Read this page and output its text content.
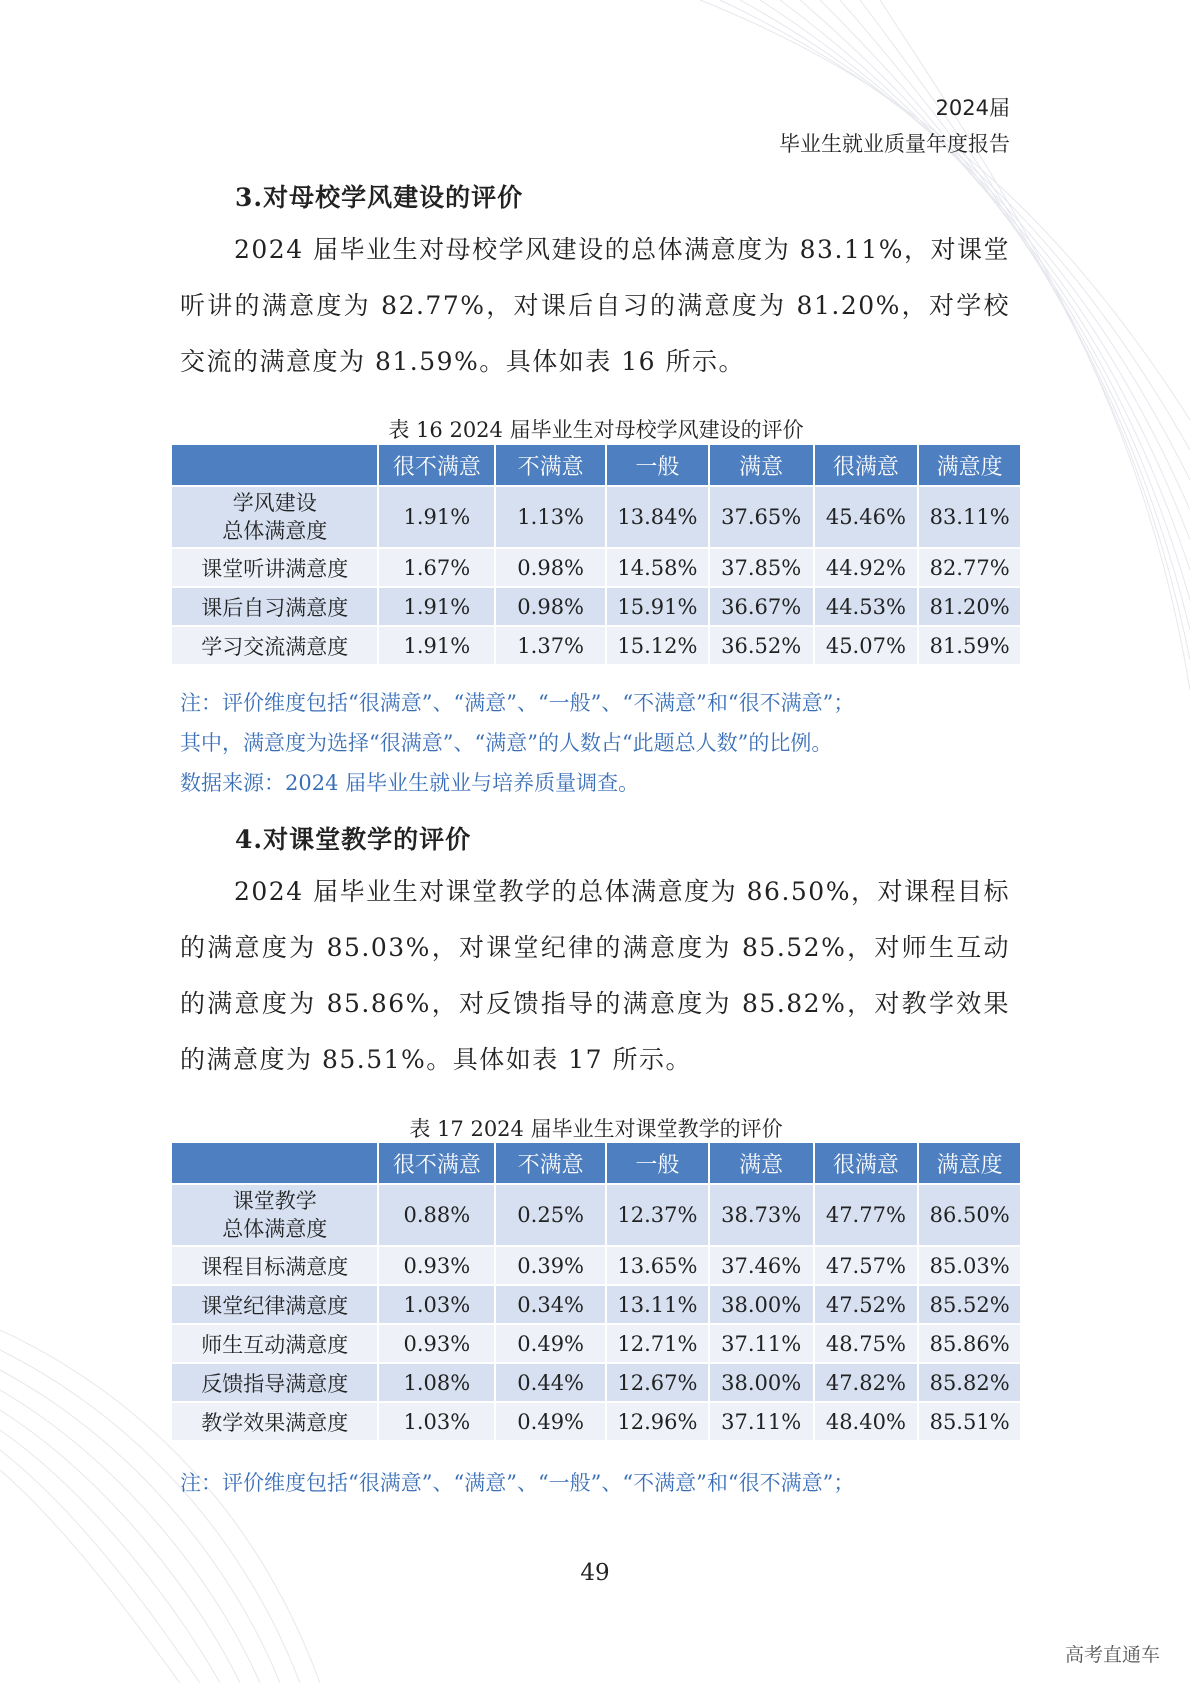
2024届
毕业生就业质量年度报告
3.对母校学风建设的评价
2024 届毕业生对母校学风建设的总体满意度为 83.11%，对课堂听讲的满意度为 82.77%，对课后自习的满意度为 81.20%，对学校交流的满意度为 81.59%。具体如表 16 所示。
表 16 2024 届毕业生对母校学风建设的评价
	很不满意	不满意	一般	满意	很满意	满意度

学风建设
总体满意度	1.91%	1.13%	13.84%	37.65%	45.46%	83.11%
课堂听讲满意度	1.67%	0.98%	14.58%	37.85%	44.92%	82.77%
课后自习满意度	1.91%	0.98%	15.91%	36.67%	44.53%	81.20%
学习交流满意度	1.91%	1.37%	15.12%	36.52%	45.07%	81.59%
注：评价维度包括“很满意”、“满意”、“一般”、“不满意”和“很不满意”；
其中，满意度为选择“很满意”、“满意”的人数占“此题总人数”的比例。
数据来源：2024 届毕业生就业与培养质量调查。
4.对课堂教学的评价
2024 届毕业生对课堂教学的总体满意度为 86.50%，对课程目标的满意度为 85.03%，对课堂纪律的满意度为 85.52%，对师生互动的满意度为 85.86%，对反馈指导的满意度为 85.82%，对教学效果的满意度为 85.51%。具体如表 17 所示。
表 17 2024 届毕业生对课堂教学的评价
	很不满意	不满意	一般	满意	很满意	满意度

课堂教学
总体满意度	0.88%	0.25%	12.37%	38.73%	47.77%	86.50%
课程目标满意度	0.93%	0.39%	13.65%	37.46%	47.57%	85.03%
课堂纪律满意度	1.03%	0.34%	13.11%	38.00%	47.52%	85.52%
师生互动满意度	0.93%	0.49%	12.71%	37.11%	48.75%	85.86%
反馈指导满意度	1.08%	0.44%	12.67%	38.00%	47.82%	85.82%
教学效果满意度	1.03%	0.49%	12.96%	37.11%	48.40%	85.51%
注：评价维度包括“很满意”、“满意”、“一般”、“不满意”和“很不满意”；
49
高考直通车
